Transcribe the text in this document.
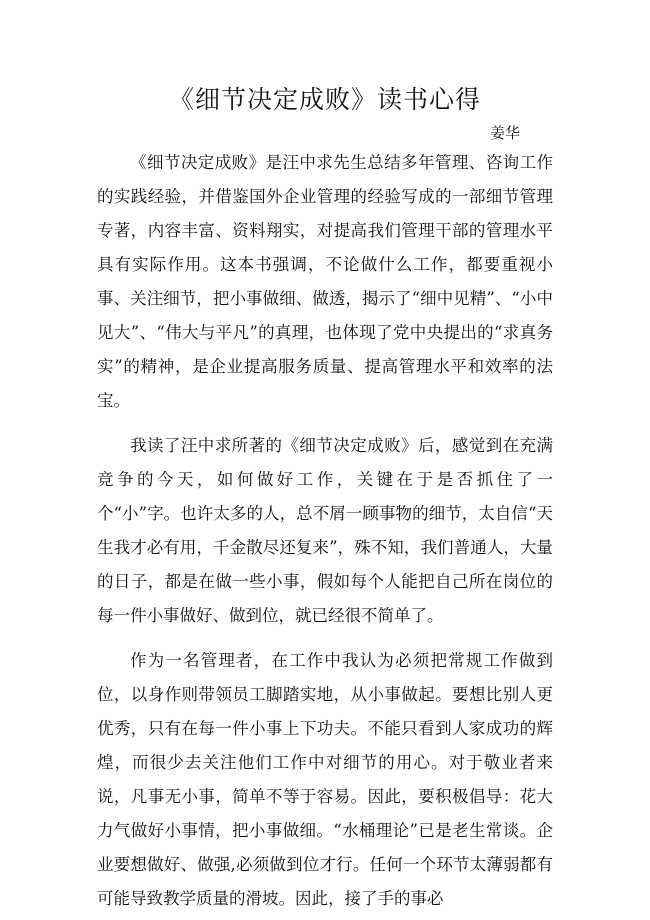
《细节决定成败》读书心得
姜华

《细节决定成败》是汪中求先生总结多年管理、咨询工作的实践经验，并借鉴国外企业管理的经验写成的一部细节管理专著，内容丰富、资料翔实，对提高我们管理干部的管理水平具有实际作用。这本书强调，不论做什么工作，都要重视小事、关注细节，把小事做细、做透，揭示了“细中见精”、“小中见大”、“伟大与平凡”的真理，也体现了党中央提出的“求真务实”的精神，是企业提高服务质量、提高管理水平和效率的法宝。

我读了汪中求所著的《细节决定成败》后，感觉到在充满竞争的今天，如何做好工作，关键在于是否抓住了一个“小”字。也许太多的人，总不屑一顾事物的细节，太自信“天生我才必有用，千金散尽还复来”，殊不知，我们普通人，大量的日子，都是在做一些小事，假如每个人能把自己所在岗位的每一件小事做好、做到位，就已经很不简单了。

作为一名管理者，在工作中我认为必须把常规工作做到位，以身作则带领员工脚踏实地，从小事做起。要想比别人更优秀，只有在每一件小事上下功夫。不能只看到人家成功的辉煌，而很少去关注他们工作中对细节的用心。对于敬业者来说，凡事无小事，简单不等于容易。因此，要积极倡导：花大力气做好小事情，把小事做细。“水桶理论”已是老生常谈。企业要想做好、做强,必须做到位才行。任何一个环节太薄弱都有可能导致教学质量的滑坡。因此，接了手的事必
